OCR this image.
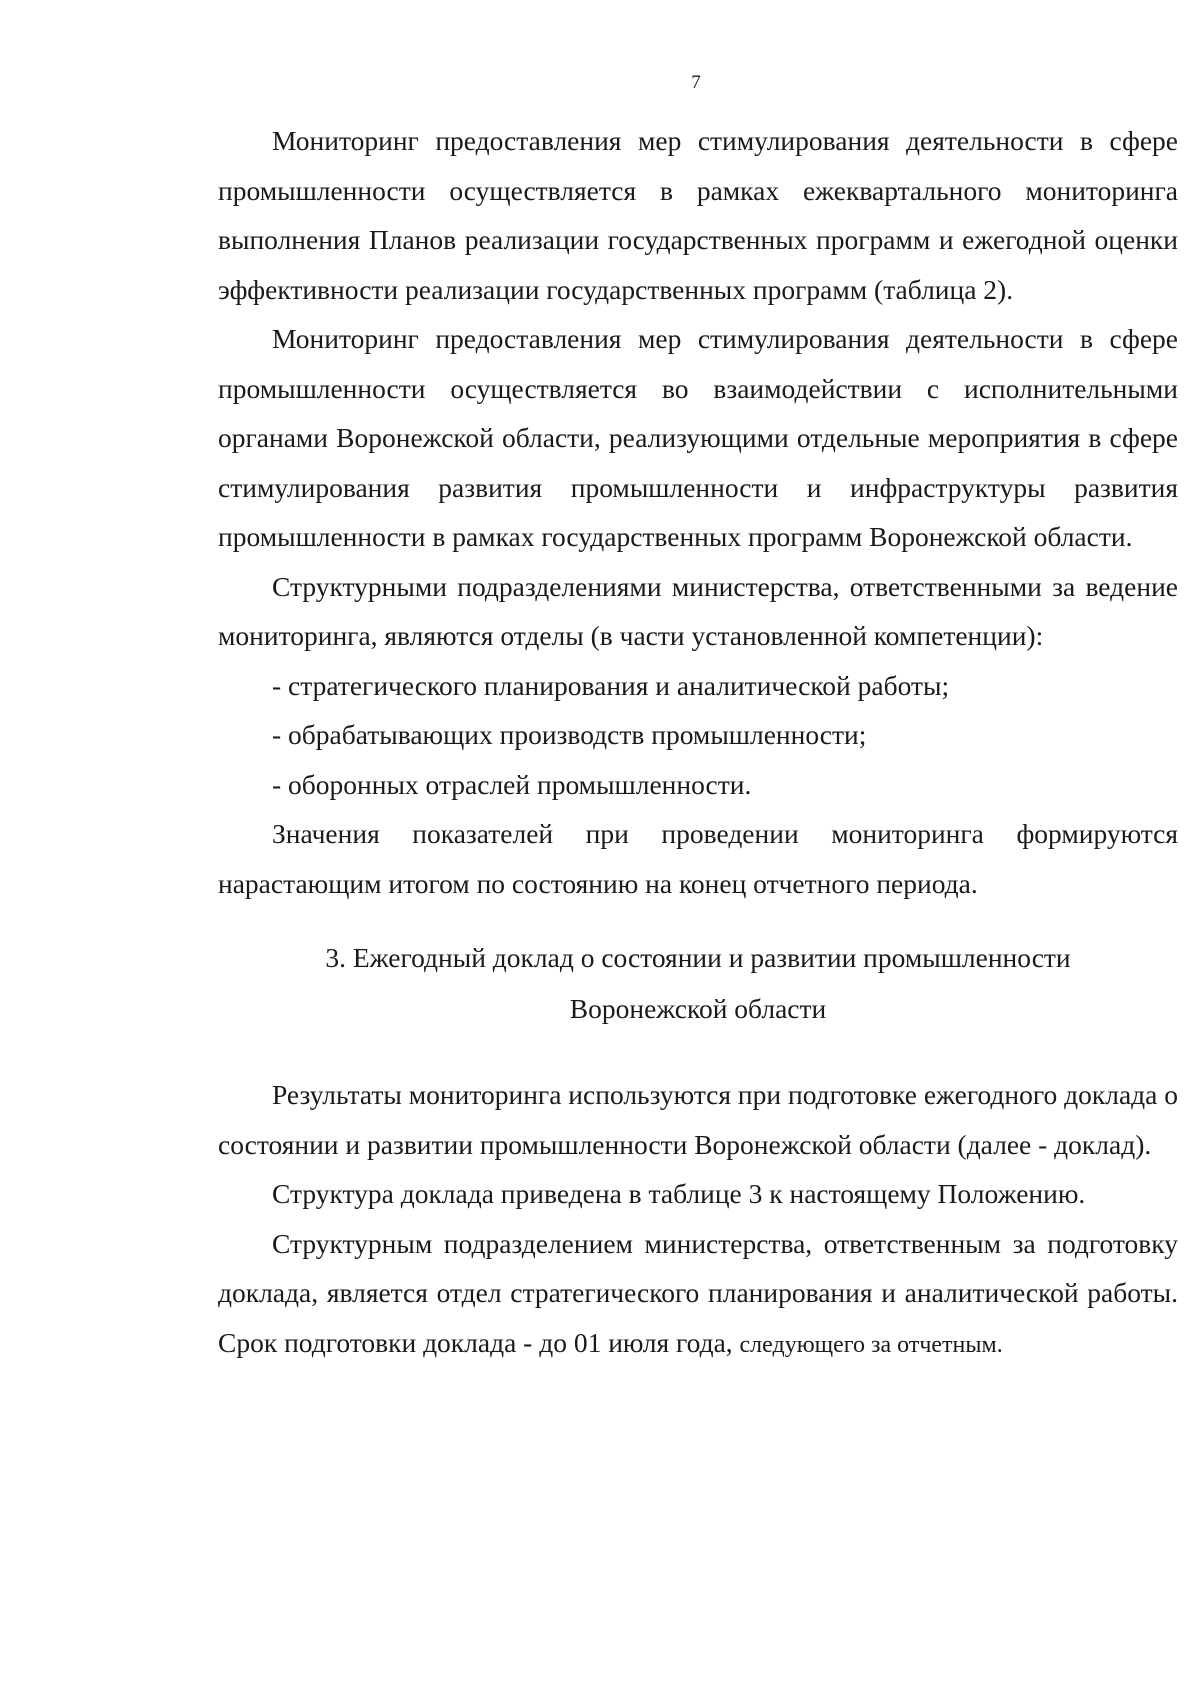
7

Мониторинг предоставления мер стимулирования деятельности в сфере промышленности осуществляется в рамках ежеквартального мониторинга выполнения Планов реализации государственных программ и ежегодной оценки эффективности реализации государственных программ (таблица 2).

Мониторинг предоставления мер стимулирования деятельности в сфере промышленности осуществляется во взаимодействии с исполнительными органами Воронежской области, реализующими отдельные мероприятия в сфере стимулирования развития промышленности и инфраструктуры развития промышленности в рамках государственных программ Воронежской области.

Структурными подразделениями министерства, ответственными за ведение мониторинга, являются отделы (в части установленной компетенции):

- стратегического планирования и аналитической работы;

- обрабатывающих производств промышленности;

- оборонных отраслей промышленности.

Значения показателей при проведении мониторинга формируются нарастающим итогом по состоянию на конец отчетного периода.

3. Ежегодный доклад о состоянии и развитии промышленности
Воронежской области

Результаты мониторинга используются при подготовке ежегодного доклада о состоянии и развитии промышленности Воронежской области (далее - доклад).

Структура доклада приведена в таблице 3 к настоящему Положению.

Структурным подразделением министерства, ответственным за подготовку доклада, является отдел стратегического планирования и аналитической работы. Срок подготовки доклада - до 01 июля года, следующего за отчетным.
